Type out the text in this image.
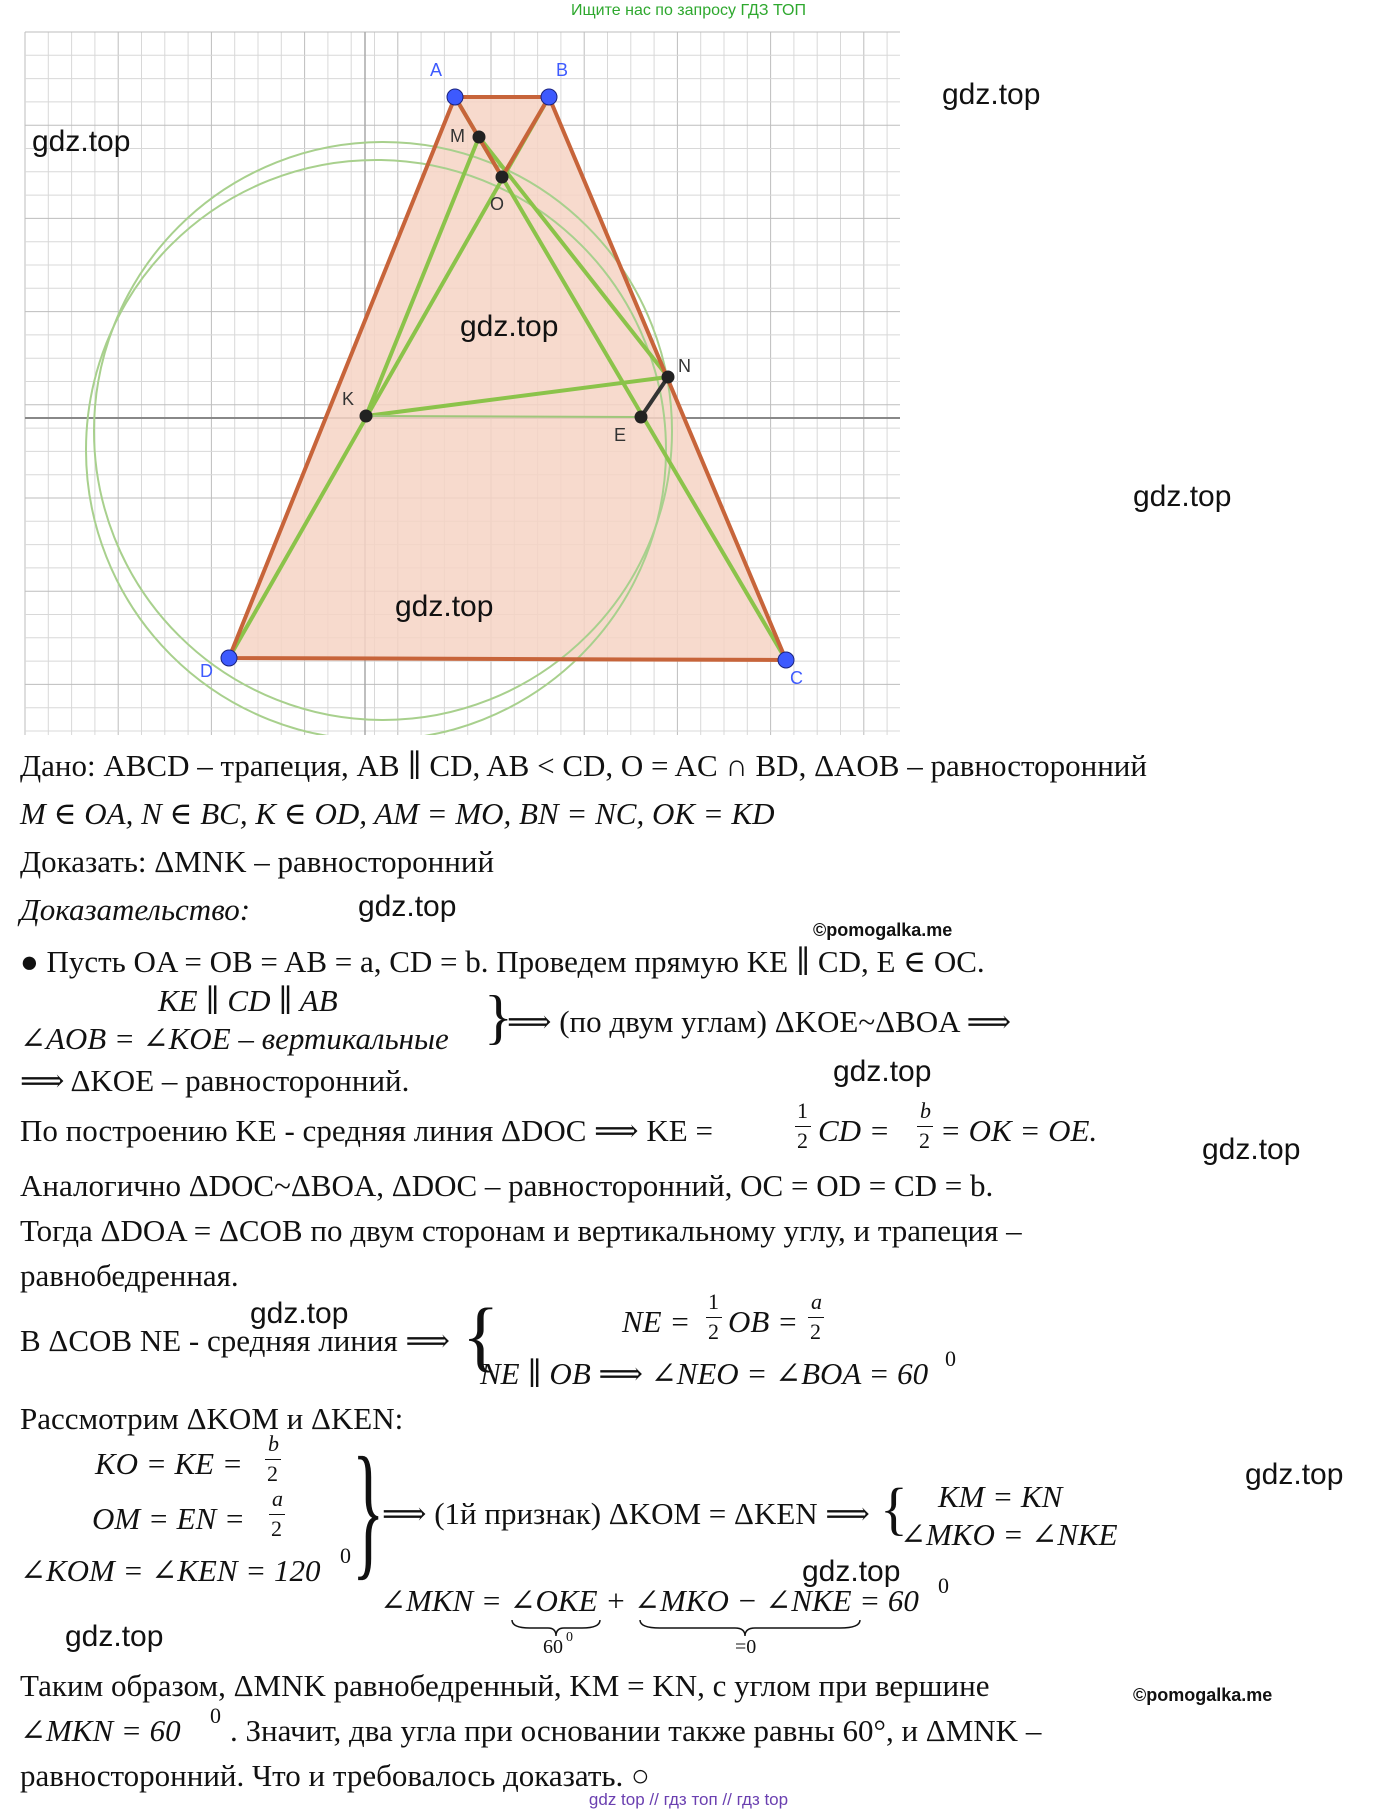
Ищите нас по запросу ГДЗ ТОП
A	B
M
O
N
K
E
D	C
gdz.top
gdz.top
gdz.top
gdz.top
gdz.top
gdz.top
gdz.top
gdz.top
gdz.top
gdz.top
gdz.top
gdz.top
©pomogalka.me
©pomogalka.me
Дано: ABCD – трапеция, AB ∥ CD, AB < CD, O = AC ∩ BD, ΔAOB – равносторонний
M ∈ OA, N ∈ BC, K ∈ OD, AM = MO, BN = NC, OK = KD
Доказать: ΔMNK – равносторонний
Доказательство:
● Пусть OA = OB = AB = a, CD = b. Проведем прямую KE ∥ CD, E ∈ OC.
KE ∥ CD ∥ AB
∠AOB = ∠KOE – вертикальные }
⟹ (по двум углам) ΔKOE~ΔBOA ⟹
⟹ ΔKOE – равносторонний.
По построению KE - средняя линия ΔDOC ⟹ KE =
1
2 CD =
b
2 = OK = OE.
Аналогично ΔDOC~ΔBOA, ΔDOC – равносторонний, OC = OD = CD = b.
Тогда ΔDOA = ΔCOB по двум сторонам и вертикальному углу, и трапеция –
равнобедренная.
В ΔCOB NE - средняя линия ⟹ {	NE =
1
2 OB =
a
2
NE ∥ OB ⟹ ∠NEO = ∠BOA = 60 0
Рассмотрим ΔKOM и ΔKEN:
KO = KE =
b
2
OM = EN =
a
2
∠KOM = ∠KEN = 120 0 }
⟹ (1й признак) ΔKOM = ΔKEN ⟹ { KM = KN
∠MKO = ∠NKE
∠MKN = ∠OKE + ∠MKO − ∠NKE = 60 0
60 0	=0
Таким образом, ΔMNK равнобедренный, KM = KN, с углом при вершине
∠MKN = 60 0 . Значит, два угла при основании также равны 60°, и ΔMNK –
равносторонний. Что и требовалось доказать. ○
gdz top // гдз топ // гдз top
